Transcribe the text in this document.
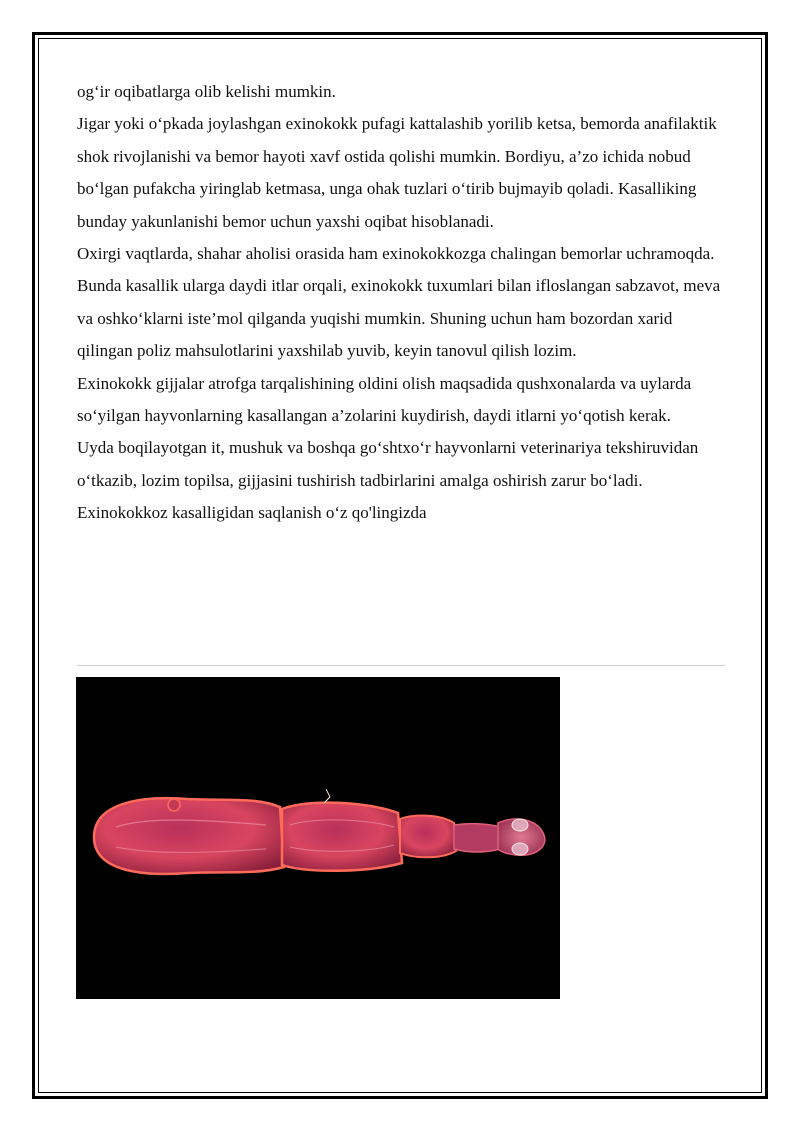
og‘ir oqibatlarga olib kelishi mumkin.

Jigar yoki o‘pkada joylashgan exinokokk pufagi kattalashib yorilib ketsa, bemorda anafilaktik shok rivojlanishi va bemor hayoti xavf ostida qolishi mumkin. Bordiyu, a’zo ichida nobud bo‘lgan pufakcha yiringlab ketmasa, unga ohak tuzlari o‘tirib bujmayib qoladi. Kasalliking bunday yakunlanishi bemor uchun yaxshi oqibat hisoblanadi.

Oxirgi vaqtlarda, shahar aholisi orasida ham exinokokkozga chalingan bemorlar uchramoqda. Bunda kasallik ularga daydi itlar orqali, exinokokk tuxumlari bilan ifloslangan sabzavot, meva va oshko‘klarni iste’mol qilganda yuqishi mumkin. Shuning uchun ham bozordan xarid qilingan poliz mahsulotlarini yaxshilab yuvib, keyin tanovul qilish lozim.

Exinokokk gijjalar atrofga tarqalishining oldini olish maqsadida qushxonalarda va uylarda so‘yilgan hayvonlarning kasallangan a’zolarini kuydirish, daydi itlarni yo‘qotish kerak.

Uyda boqilayotgan it, mushuk va boshqa go‘shtxo‘r hayvonlarni veterinariya tekshiruvidan o‘tkazib, lozim topilsa, gijjasini tushirish tadbirlarini amalga oshirish zarur bo‘ladi.

Exinokokkoz kasalligidan saqlanish o‘z qo'lingizda
